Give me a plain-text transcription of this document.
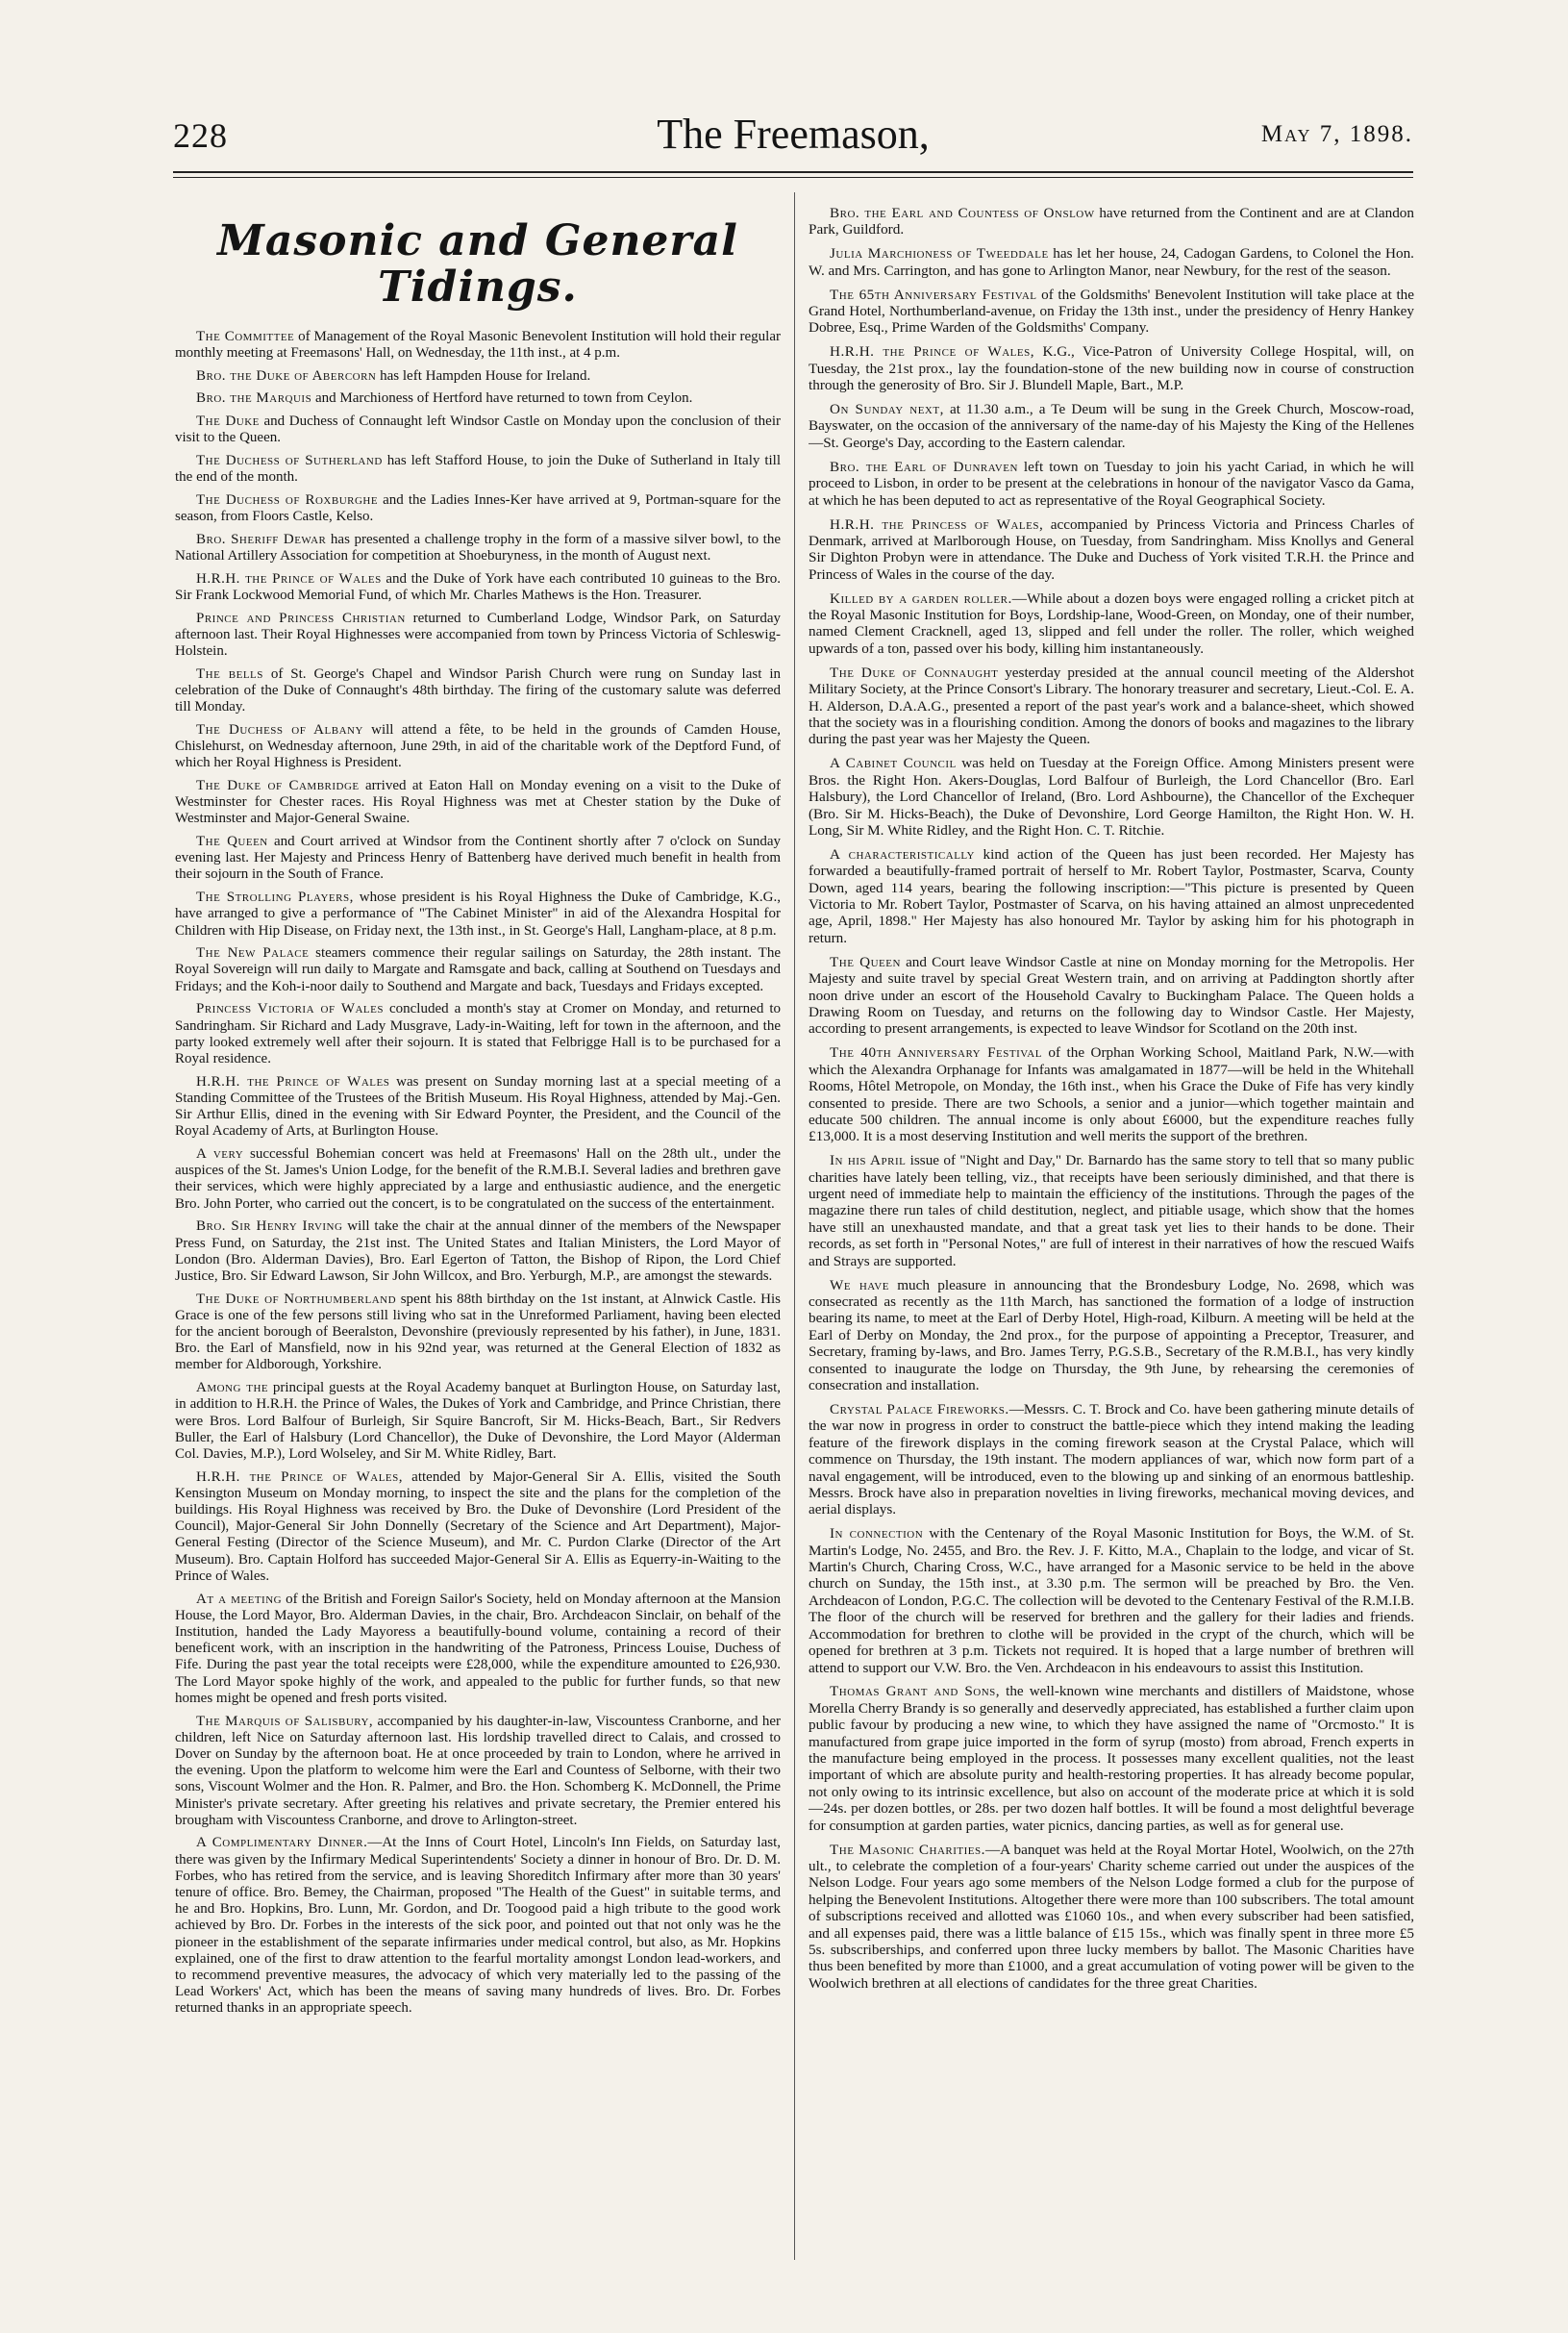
228	The Freemason,	May 7, 1898.
Masonic and General Tidings.

The Committee of Management of the Royal Masonic Benevolent Institution will hold their regular monthly meeting at Freemasons' Hall, on Wednesday, the 11th inst., at 4 p.m.

Bro. the Duke of Abercorn has left Hampden House for Ireland.

Bro. the Marquis and Marchioness of Hertford have returned to town from Ceylon.

The Duke and Duchess of Connaught left Windsor Castle on Monday upon the conclusion of their visit to the Queen.

The Duchess of Sutherland has left Stafford House, to join the Duke of Sutherland in Italy till the end of the month.

The Duchess of Roxburghe and the Ladies Innes-Ker have arrived at 9, Portman-square for the season, from Floors Castle, Kelso.

Bro. Sheriff Dewar has presented a challenge trophy in the form of a massive silver bowl, to the National Artillery Association for competition at Shoeburyness, in the month of August next.

H.R.H. the Prince of Wales and the Duke of York have each contributed 10 guineas to the Bro. Sir Frank Lockwood Memorial Fund, of which Mr. Charles Mathews is the Hon. Treasurer.

Prince and Princess Christian returned to Cumberland Lodge, Windsor Park, on Saturday afternoon last. Their Royal Highnesses were accompanied from town by Princess Victoria of Schleswig-Holstein.

The bells of St. George's Chapel and Windsor Parish Church were rung on Sunday last in celebration of the Duke of Connaught's 48th birthday. The firing of the customary salute was deferred till Monday.

The Duchess of Albany will attend a fête, to be held in the grounds of Camden House, Chislehurst, on Wednesday afternoon, June 29th, in aid of the charitable work of the Deptford Fund, of which her Royal Highness is President.

The Duke of Cambridge arrived at Eaton Hall on Monday evening on a visit to the Duke of Westminster for Chester races. His Royal Highness was met at Chester station by the Duke of Westminster and Major-General Swaine.

The Queen and Court arrived at Windsor from the Continent shortly after 7 o'clock on Sunday evening last. Her Majesty and Princess Henry of Battenberg have derived much benefit in health from their sojourn in the South of France.

The Strolling Players, whose president is his Royal Highness the Duke of Cambridge, K.G., have arranged to give a performance of "The Cabinet Minister" in aid of the Alexandra Hospital for Children with Hip Disease, on Friday next, the 13th inst., in St. George's Hall, Langham-place, at 8 p.m.

The New Palace steamers commence their regular sailings on Saturday, the 28th instant. The Royal Sovereign will run daily to Margate and Ramsgate and back, calling at Southend on Tuesdays and Fridays; and the Koh-i-noor daily to Southend and Margate and back, Tuesdays and Fridays excepted.

Princess Victoria of Wales concluded a month's stay at Cromer on Monday, and returned to Sandringham. Sir Richard and Lady Musgrave, Lady-in-Waiting, left for town in the afternoon, and the party looked extremely well after their sojourn. It is stated that Felbrigge Hall is to be purchased for a Royal residence.

H.R.H. the Prince of Wales was present on Sunday morning last at a special meeting of a Standing Committee of the Trustees of the British Museum. His Royal Highness, attended by Maj.-Gen. Sir Arthur Ellis, dined in the evening with Sir Edward Poynter, the President, and the Council of the Royal Academy of Arts, at Burlington House.

A very successful Bohemian concert was held at Freemasons' Hall on the 28th ult., under the auspices of the St. James's Union Lodge, for the benefit of the R.M.B.I. Several ladies and brethren gave their services, which were highly appreciated by a large and enthusiastic audience, and the energetic Bro. John Porter, who carried out the concert, is to be congratulated on the success of the entertainment.

Bro. Sir Henry Irving will take the chair at the annual dinner of the members of the Newspaper Press Fund, on Saturday, the 21st inst. The United States and Italian Ministers, the Lord Mayor of London (Bro. Alderman Davies), Bro. Earl Egerton of Tatton, the Bishop of Ripon, the Lord Chief Justice, Bro. Sir Edward Lawson, Sir John Willcox, and Bro. Yerburgh, M.P., are amongst the stewards.

The Duke of Northumberland spent his 88th birthday on the 1st instant, at Alnwick Castle. His Grace is one of the few persons still living who sat in the Unreformed Parliament, having been elected for the ancient borough of Beeralston, Devonshire (previously represented by his father), in June, 1831. Bro. the Earl of Mansfield, now in his 92nd year, was returned at the General Election of 1832 as member for Aldborough, Yorkshire.

Among the principal guests at the Royal Academy banquet at Burlington House, on Saturday last, in addition to H.R.H. the Prince of Wales, the Dukes of York and Cambridge, and Prince Christian, there were Bros. Lord Balfour of Burleigh, Sir Squire Bancroft, Sir M. Hicks-Beach, Bart., Sir Redvers Buller, the Earl of Halsbury (Lord Chancellor), the Duke of Devonshire, the Lord Mayor (Alderman Col. Davies, M.P.), Lord Wolseley, and Sir M. White Ridley, Bart.

H.R.H. the Prince of Wales, attended by Major-General Sir A. Ellis, visited the South Kensington Museum on Monday morning, to inspect the site and the plans for the completion of the buildings. His Royal Highness was received by Bro. the Duke of Devonshire (Lord President of the Council), Major-General Sir John Donnelly (Secretary of the Science and Art Department), Major-General Festing (Director of the Science Museum), and Mr. C. Purdon Clarke (Director of the Art Museum). Bro. Captain Holford has succeeded Major-General Sir A. Ellis as Equerry-in-Waiting to the Prince of Wales.

At a meeting of the British and Foreign Sailor's Society, held on Monday afternoon at the Mansion House, the Lord Mayor, Bro. Alderman Davies, in the chair, Bro. Archdeacon Sinclair, on behalf of the Institution, handed the Lady Mayoress a beautifully-bound volume, containing a record of their beneficent work, with an inscription in the handwriting of the Patroness, Princess Louise, Duchess of Fife. During the past year the total receipts were £28,000, while the expenditure amounted to £26,930. The Lord Mayor spoke highly of the work, and appealed to the public for further funds, so that new homes might be opened and fresh ports visited.

The Marquis of Salisbury, accompanied by his daughter-in-law, Viscountess Cranborne, and her children, left Nice on Saturday afternoon last. His lordship travelled direct to Calais, and crossed to Dover on Sunday by the afternoon boat. He at once proceeded by train to London, where he arrived in the evening. Upon the platform to welcome him were the Earl and Countess of Selborne, with their two sons, Viscount Wolmer and the Hon. R. Palmer, and Bro. the Hon. Schomberg K. McDonnell, the Prime Minister's private secretary. After greeting his relatives and private secretary, the Premier entered his brougham with Viscountess Cranborne, and drove to Arlington-street.

A Complimentary Dinner.—At the Inns of Court Hotel, Lincoln's Inn Fields, on Saturday last, there was given by the Infirmary Medical Superintendents' Society a dinner in honour of Bro. Dr. D. M. Forbes, who has retired from the service, and is leaving Shoreditch Infirmary after more than 30 years' tenure of office. Bro. Bemey, the Chairman, proposed "The Health of the Guest" in suitable terms, and he and Bro. Hopkins, Bro. Lunn, Mr. Gordon, and Dr. Toogood paid a high tribute to the good work achieved by Bro. Dr. Forbes in the interests of the sick poor, and pointed out that not only was he the pioneer in the establishment of the separate infirmaries under medical control, but also, as Mr. Hopkins explained, one of the first to draw attention to the fearful mortality amongst London lead-workers, and to recommend preventive measures, the advocacy of which very materially led to the passing of the Lead Workers' Act, which has been the means of saving many hundreds of lives. Bro. Dr. Forbes returned thanks in an appropriate speech.

Bro. the Earl and Countess of Onslow have returned from the Continent and are at Clandon Park, Guildford.

Julia Marchioness of Tweeddale has let her house, 24, Cadogan Gardens, to Colonel the Hon. W. and Mrs. Carrington, and has gone to Arlington Manor, near Newbury, for the rest of the season.

The 65th Anniversary Festival of the Goldsmiths' Benevolent Institution will take place at the Grand Hotel, Northumberland-avenue, on Friday the 13th inst., under the presidency of Henry Hankey Dobree, Esq., Prime Warden of the Goldsmiths' Company.

H.R.H. the Prince of Wales, K.G., Vice-Patron of University College Hospital, will, on Tuesday, the 21st prox., lay the foundation-stone of the new building now in course of construction through the generosity of Bro. Sir J. Blundell Maple, Bart., M.P.

On Sunday next, at 11.30 a.m., a Te Deum will be sung in the Greek Church, Moscow-road, Bayswater, on the occasion of the anniversary of the name-day of his Majesty the King of the Hellenes—St. George's Day, according to the Eastern calendar.

Bro. the Earl of Dunraven left town on Tuesday to join his yacht Cariad, in which he will proceed to Lisbon, in order to be present at the celebrations in honour of the navigator Vasco da Gama, at which he has been deputed to act as representative of the Royal Geographical Society.

H.R.H. the Princess of Wales, accompanied by Princess Victoria and Princess Charles of Denmark, arrived at Marlborough House, on Tuesday, from Sandringham. Miss Knollys and General Sir Dighton Probyn were in attendance. The Duke and Duchess of York visited T.R.H. the Prince and Princess of Wales in the course of the day.

Killed by a garden roller.—While about a dozen boys were engaged rolling a cricket pitch at the Royal Masonic Institution for Boys, Lordship-lane, Wood-Green, on Monday, one of their number, named Clement Cracknell, aged 13, slipped and fell under the roller. The roller, which weighed upwards of a ton, passed over his body, killing him instantaneously.

The Duke of Connaught yesterday presided at the annual council meeting of the Aldershot Military Society, at the Prince Consort's Library. The honorary treasurer and secretary, Lieut.-Col. E. A. H. Alderson, D.A.A.G., presented a report of the past year's work and a balance-sheet, which showed that the society was in a flourishing condition. Among the donors of books and magazines to the library during the past year was her Majesty the Queen.

A Cabinet Council was held on Tuesday at the Foreign Office. Among Ministers present were Bros. the Right Hon. Akers-Douglas, Lord Balfour of Burleigh, the Lord Chancellor (Bro. Earl Halsbury), the Lord Chancellor of Ireland, (Bro. Lord Ashbourne), the Chancellor of the Exchequer (Bro. Sir M. Hicks-Beach), the Duke of Devonshire, Lord George Hamilton, the Right Hon. W. H. Long, Sir M. White Ridley, and the Right Hon. C. T. Ritchie.

A characteristically kind action of the Queen has just been recorded. Her Majesty has forwarded a beautifully-framed portrait of herself to Mr. Robert Taylor, Postmaster, Scarva, County Down, aged 114 years, bearing the following inscription:—"This picture is presented by Queen Victoria to Mr. Robert Taylor, Postmaster of Scarva, on his having attained an almost unprecedented age, April, 1898." Her Majesty has also honoured Mr. Taylor by asking him for his photograph in return.

The Queen and Court leave Windsor Castle at nine on Monday morning for the Metropolis. Her Majesty and suite travel by special Great Western train, and on arriving at Paddington shortly after noon drive under an escort of the Household Cavalry to Buckingham Palace. The Queen holds a Drawing Room on Tuesday, and returns on the following day to Windsor Castle. Her Majesty, according to present arrangements, is expected to leave Windsor for Scotland on the 20th inst.

The 40th Anniversary Festival of the Orphan Working School, Maitland Park, N.W.—with which the Alexandra Orphanage for Infants was amalgamated in 1877—will be held in the Whitehall Rooms, Hôtel Metropole, on Monday, the 16th inst., when his Grace the Duke of Fife has very kindly consented to preside. There are two Schools, a senior and a junior—which together maintain and educate 500 children. The annual income is only about £6000, but the expenditure reaches fully £13,000. It is a most deserving Institution and well merits the support of the brethren.

In his April issue of "Night and Day," Dr. Barnardo has the same story to tell that so many public charities have lately been telling, viz., that receipts have been seriously diminished, and that there is urgent need of immediate help to maintain the efficiency of the institutions. Through the pages of the magazine there run tales of child destitution, neglect, and pitiable usage, which show that the homes have still an unexhausted mandate, and that a great task yet lies to their hands to be done. Their records, as set forth in "Personal Notes," are full of interest in their narratives of how the rescued Waifs and Strays are supported.

We have much pleasure in announcing that the Brondesbury Lodge, No. 2698, which was consecrated as recently as the 11th March, has sanctioned the formation of a lodge of instruction bearing its name, to meet at the Earl of Derby Hotel, High-road, Kilburn. A meeting will be held at the Earl of Derby on Monday, the 2nd prox., for the purpose of appointing a Preceptor, Treasurer, and Secretary, framing by-laws, and Bro. James Terry, P.G.S.B., Secretary of the R.M.B.I., has very kindly consented to inaugurate the lodge on Thursday, the 9th June, by rehearsing the ceremonies of consecration and installation.

Crystal Palace Fireworks.—Messrs. C. T. Brock and Co. have been gathering minute details of the war now in progress in order to construct the battle-piece which they intend making the leading feature of the firework displays in the coming firework season at the Crystal Palace, which will commence on Thursday, the 19th instant. The modern appliances of war, which now form part of a naval engagement, will be introduced, even to the blowing up and sinking of an enormous battleship. Messrs. Brock have also in preparation novelties in living fireworks, mechanical moving devices, and aerial displays.

In connection with the Centenary of the Royal Masonic Institution for Boys, the W.M. of St. Martin's Lodge, No. 2455, and Bro. the Rev. J. F. Kitto, M.A., Chaplain to the lodge, and vicar of St. Martin's Church, Charing Cross, W.C., have arranged for a Masonic service to be held in the above church on Sunday, the 15th inst., at 3.30 p.m. The sermon will be preached by Bro. the Ven. Archdeacon of London, P.G.C. The collection will be devoted to the Centenary Festival of the R.M.I.B. The floor of the church will be reserved for brethren and the gallery for their ladies and friends. Accommodation for brethren to clothe will be provided in the crypt of the church, which will be opened for brethren at 3 p.m. Tickets not required. It is hoped that a large number of brethren will attend to support our V.W. Bro. the Ven. Archdeacon in his endeavours to assist this Institution.

Thomas Grant and Sons, the well-known wine merchants and distillers of Maidstone, whose Morella Cherry Brandy is so generally and deservedly appreciated, has established a further claim upon public favour by producing a new wine, to which they have assigned the name of "Orcmosto." It is manufactured from grape juice imported in the form of syrup (mosto) from abroad, French experts in the manufacture being employed in the process. It possesses many excellent qualities, not the least important of which are absolute purity and health-restoring properties. It has already become popular, not only owing to its intrinsic excellence, but also on account of the moderate price at which it is sold—24s. per dozen bottles, or 28s. per two dozen half bottles. It will be found a most delightful beverage for consumption at garden parties, water picnics, dancing parties, as well as for general use.

The Masonic Charities.—A banquet was held at the Royal Mortar Hotel, Woolwich, on the 27th ult., to celebrate the completion of a four-years' Charity scheme carried out under the auspices of the Nelson Lodge. Four years ago some members of the Nelson Lodge formed a club for the purpose of helping the Benevolent Institutions. Altogether there were more than 100 subscribers. The total amount of subscriptions received and allotted was £1060 10s., and when every subscriber had been satisfied, and all expenses paid, there was a little balance of £15 15s., which was finally spent in three more £5 5s. subscriberships, and conferred upon three lucky members by ballot. The Masonic Charities have thus been benefited by more than £1000, and a great accumulation of voting power will be given to the Woolwich brethren at all elections of candidates for the three great Charities.
